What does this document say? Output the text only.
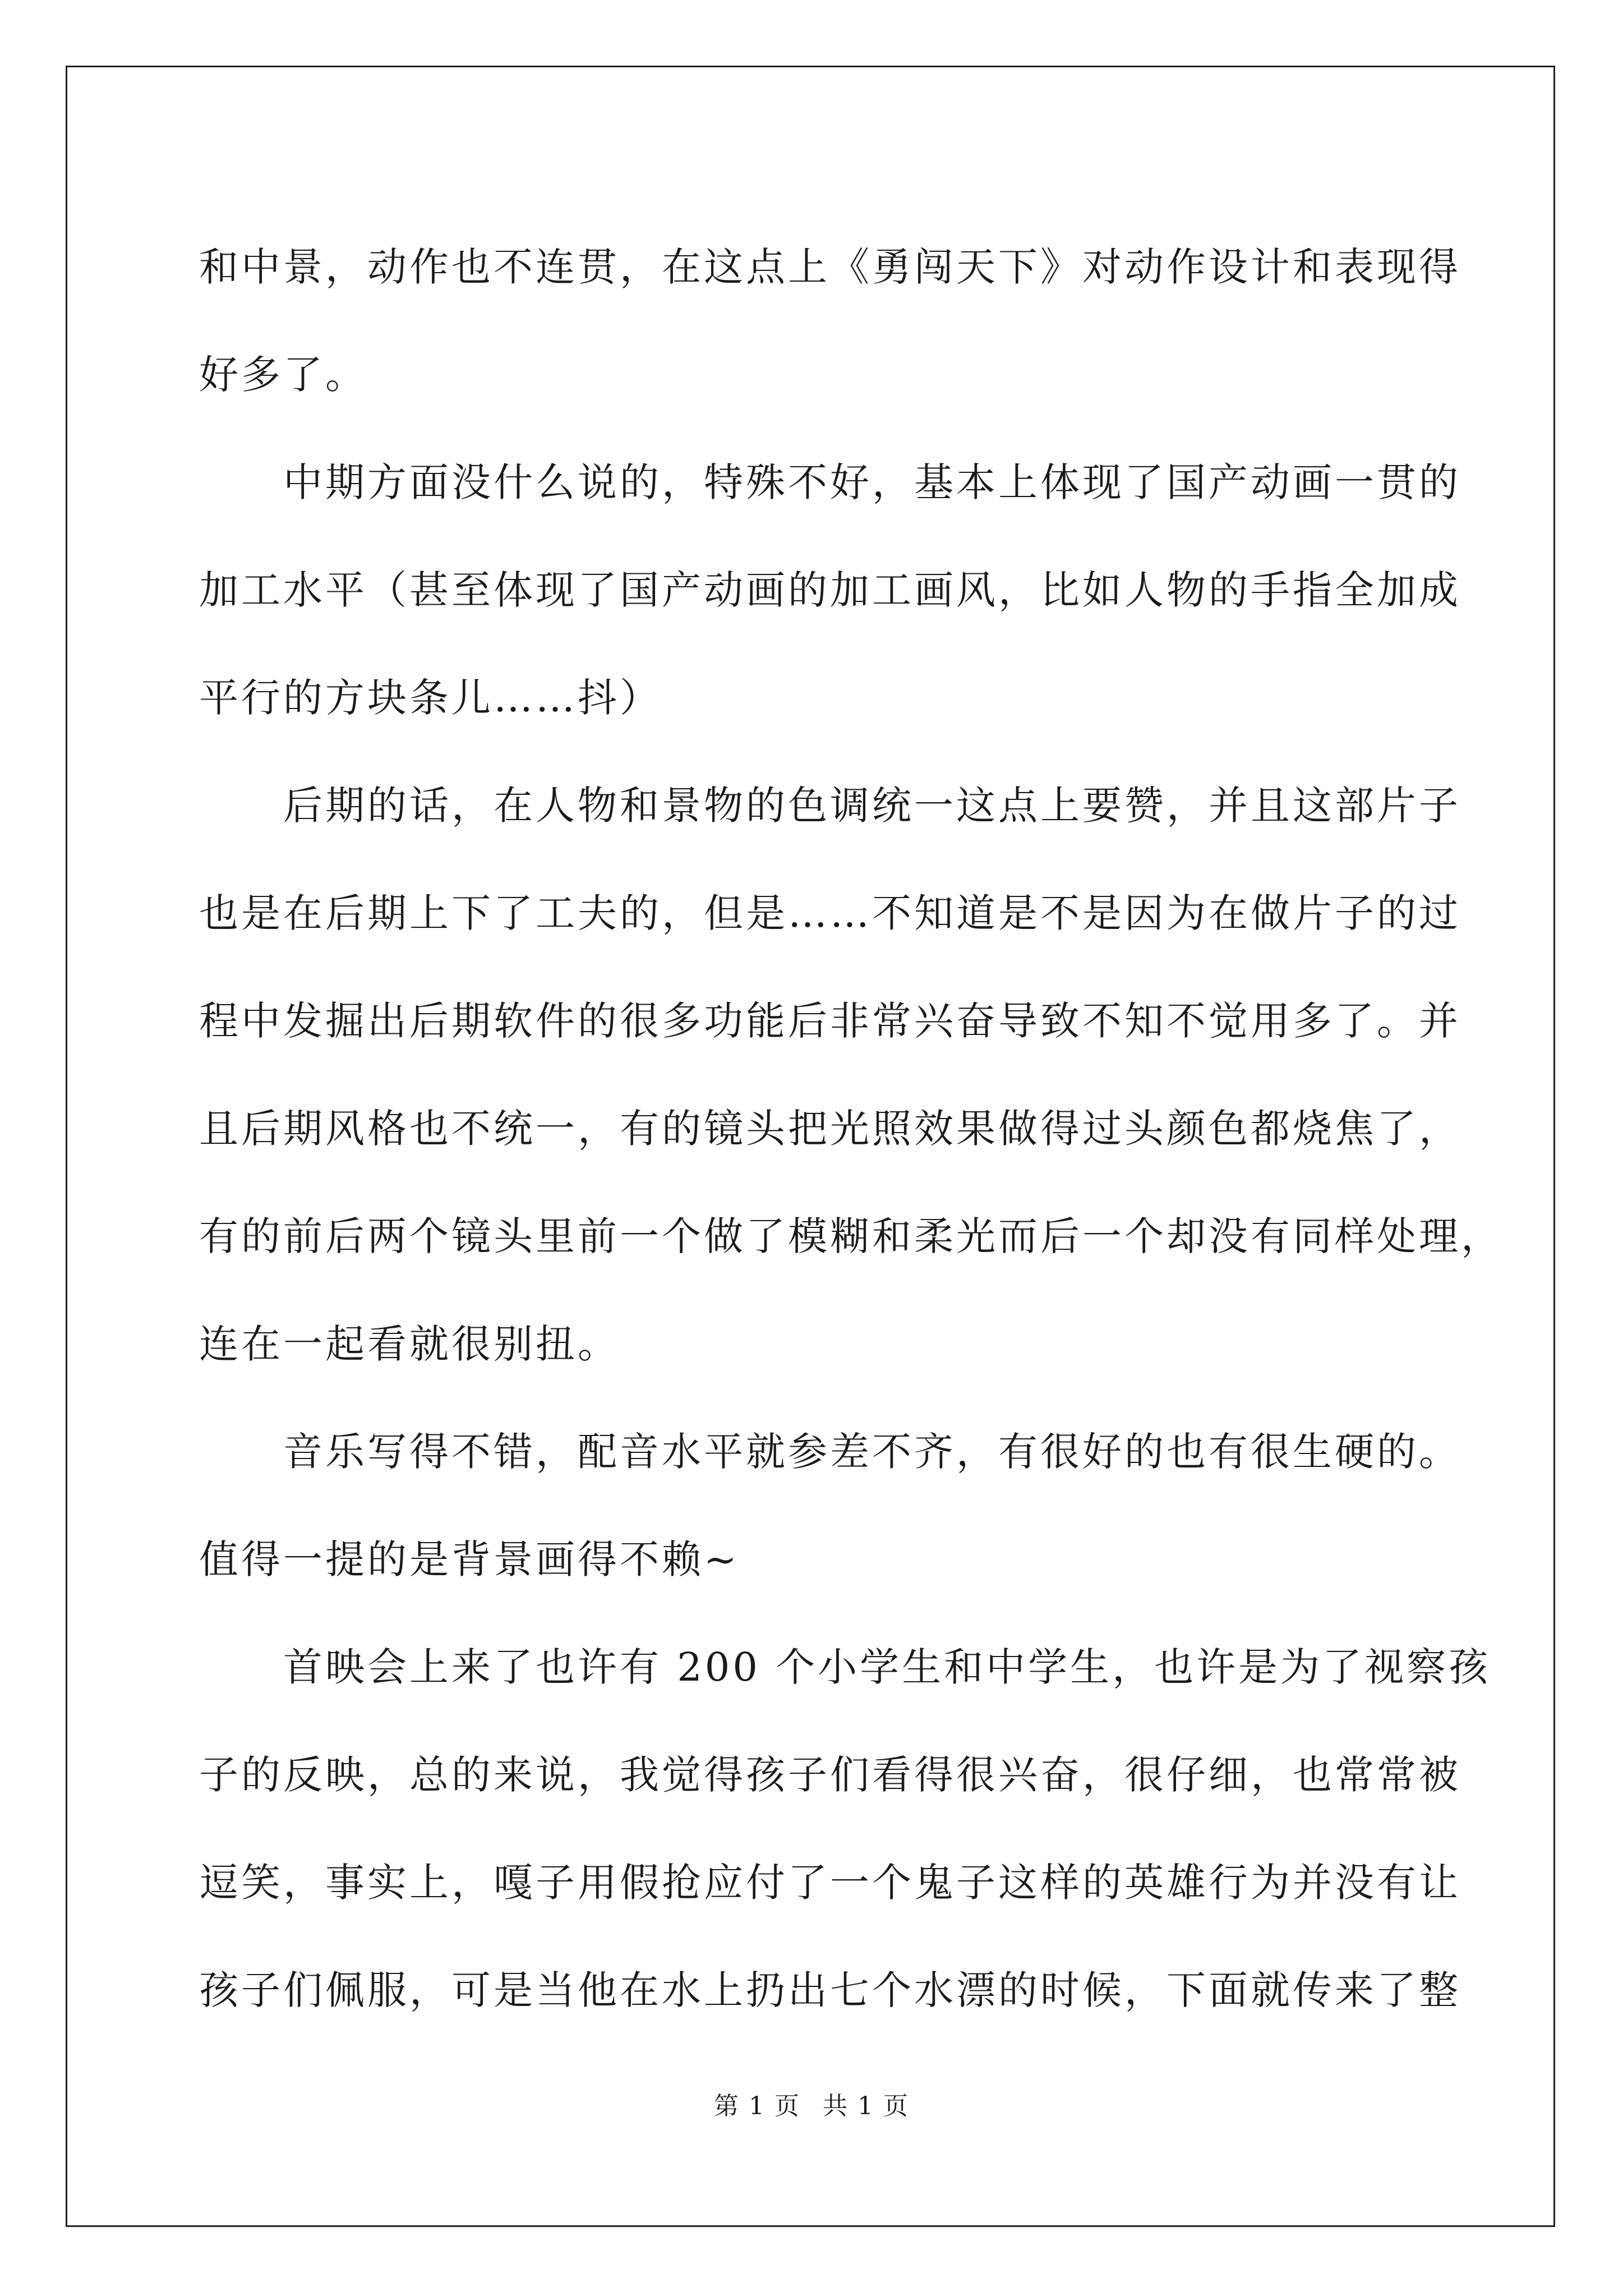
和中景，动作也不连贯，在这点上《勇闯天下》对动作设计和表现得
好多了。
中期方面没什么说的，特殊不好，基本上体现了国产动画一贯的
加工水平（甚至体现了国产动画的加工画风，比如人物的手指全加成
平行的方块条儿……抖）
后期的话，在人物和景物的色调统一这点上要赞，并且这部片子
也是在后期上下了工夫的，但是……不知道是不是因为在做片子的过
程中发掘出后期软件的很多功能后非常兴奋导致不知不觉用多了。并
且后期风格也不统一，有的镜头把光照效果做得过头颜色都烧焦了，
有的前后两个镜头里前一个做了模糊和柔光而后一个却没有同样处理，
连在一起看就很别扭。
音乐写得不错，配音水平就参差不齐，有很好的也有很生硬的。
值得一提的是背景画得不赖~
首映会上来了也许有 200 个小学生和中学生，也许是为了视察孩
子的反映，总的来说，我觉得孩子们看得很兴奋，很仔细，也常常被
逗笑，事实上，嘎子用假抢应付了一个鬼子这样的英雄行为并没有让
孩子们佩服，可是当他在水上扔出七个水漂的时候，下面就传来了整
第 1 页 共 1 页
